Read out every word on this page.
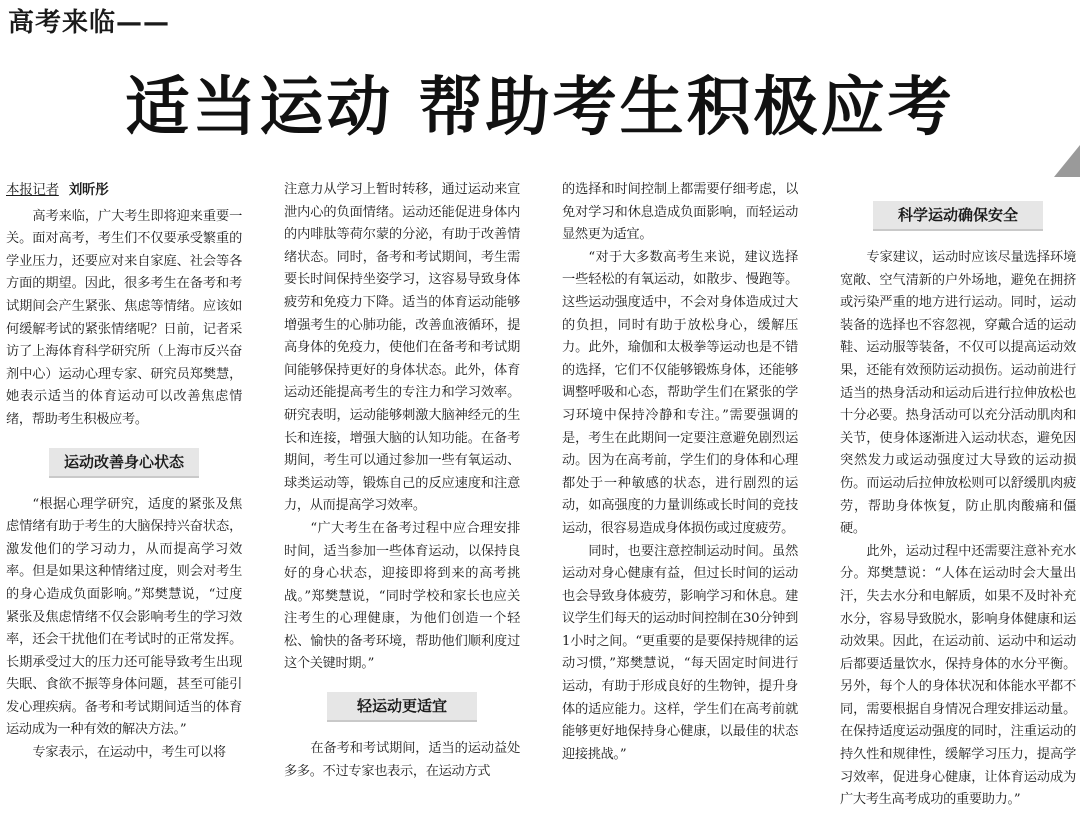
高考来临——
适当运动 帮助考生积极应考

本报记者 刘昕彤

高考来临，广大考生即将迎来重要一关。面对高考，考生们不仅要承受繁重的学业压力，还要应对来自家庭、社会等各方面的期望。因此，很多考生在备考和考试期间会产生紧张、焦虑等情绪。应该如何缓解考试的紧张情绪呢？日前，记者采访了上海体育科学研究所（上海市反兴奋剂中心）运动心理专家、研究员郑樊慧，她表示适当的体育运动可以改善焦虑情绪，帮助考生积极应考。

运动改善身心状态

“根据心理学研究，适度的紧张及焦虑情绪有助于考生的大脑保持兴奋状态，激发他们的学习动力，从而提高学习效率。但是如果这种情绪过度，则会对考生的身心造成负面影响。”郑樊慧说，“过度紧张及焦虑情绪不仅会影响考生的学习效率，还会干扰他们在考试时的正常发挥。长期承受过大的压力还可能导致考生出现失眠、食欲不振等身体问题，甚至可能引发心理疾病。备考和考试期间适当的体育运动成为一种有效的解决方法。”

专家表示，在运动中，考生可以将

注意力从学习上暂时转移，通过运动来宣泄内心的负面情绪。运动还能促进身体内的内啡肽等荷尔蒙的分泌，有助于改善情绪状态。同时，备考和考试期间，考生需要长时间保持坐姿学习，这容易导致身体疲劳和免疫力下降。适当的体育运动能够增强考生的心肺功能，改善血液循环，提高身体的免疫力，使他们在备考和考试期间能够保持更好的身体状态。此外，体育运动还能提高考生的专注力和学习效率。研究表明，运动能够刺激大脑神经元的生长和连接，增强大脑的认知功能。在备考期间，考生可以通过参加一些有氧运动、球类运动等，锻炼自己的反应速度和注意力，从而提高学习效率。

“广大考生在备考过程中应合理安排时间，适当参加一些体育运动，以保持良好的身心状态，迎接即将到来的高考挑战。”郑樊慧说，“同时学校和家长也应关注考生的心理健康，为他们创造一个轻松、愉快的备考环境，帮助他们顺利度过这个关键时期。”

轻运动更适宜

在备考和考试期间，适当的运动益处多多。不过专家也表示，在运动方式

的选择和时间控制上都需要仔细考虑，以免对学习和休息造成负面影响，而轻运动显然更为适宜。

“对于大多数高考生来说，建议选择一些轻松的有氧运动，如散步、慢跑等。这些运动强度适中，不会对身体造成过大的负担，同时有助于放松身心，缓解压力。此外，瑜伽和太极拳等运动也是不错的选择，它们不仅能够锻炼身体，还能够调整呼吸和心态，帮助学生们在紧张的学习环境中保持冷静和专注。”需要强调的是，考生在此期间一定要注意避免剧烈运动。因为在高考前，学生们的身体和心理都处于一种敏感的状态，进行剧烈的运动，如高强度的力量训练或长时间的竞技运动，很容易造成身体损伤或过度疲劳。

同时，也要注意控制运动时间。虽然运动对身心健康有益，但过长时间的运动也会导致身体疲劳，影响学习和休息。建议学生们每天的运动时间控制在30分钟到1小时之间。“更重要的是要保持规律的运动习惯，”郑樊慧说，“每天固定时间进行运动，有助于形成良好的生物钟，提升身体的适应能力。这样，学生们在高考前就能够更好地保持身心健康，以最佳的状态迎接挑战。”

科学运动确保安全

专家建议，运动时应该尽量选择环境宽敞、空气清新的户外场地，避免在拥挤或污染严重的地方进行运动。同时，运动装备的选择也不容忽视，穿戴合适的运动鞋、运动服等装备，不仅可以提高运动效果，还能有效预防运动损伤。运动前进行适当的热身活动和运动后进行拉伸放松也十分必要。热身活动可以充分活动肌肉和关节，使身体逐渐进入运动状态，避免因突然发力或运动强度过大导致的运动损伤。而运动后拉伸放松则可以舒缓肌肉疲劳，帮助身体恢复，防止肌肉酸痛和僵硬。

此外，运动过程中还需要注意补充水分。郑樊慧说：“人体在运动时会大量出汗，失去水分和电解质，如果不及时补充水分，容易导致脱水，影响身体健康和运动效果。因此，在运动前、运动中和运动后都要适量饮水，保持身体的水分平衡。另外，每个人的身体状况和体能水平都不同，需要根据自身情况合理安排运动量。在保持适度运动强度的同时，注重运动的持久性和规律性，缓解学习压力，提高学习效率，促进身心健康，让体育运动成为广大考生高考成功的重要助力。”
